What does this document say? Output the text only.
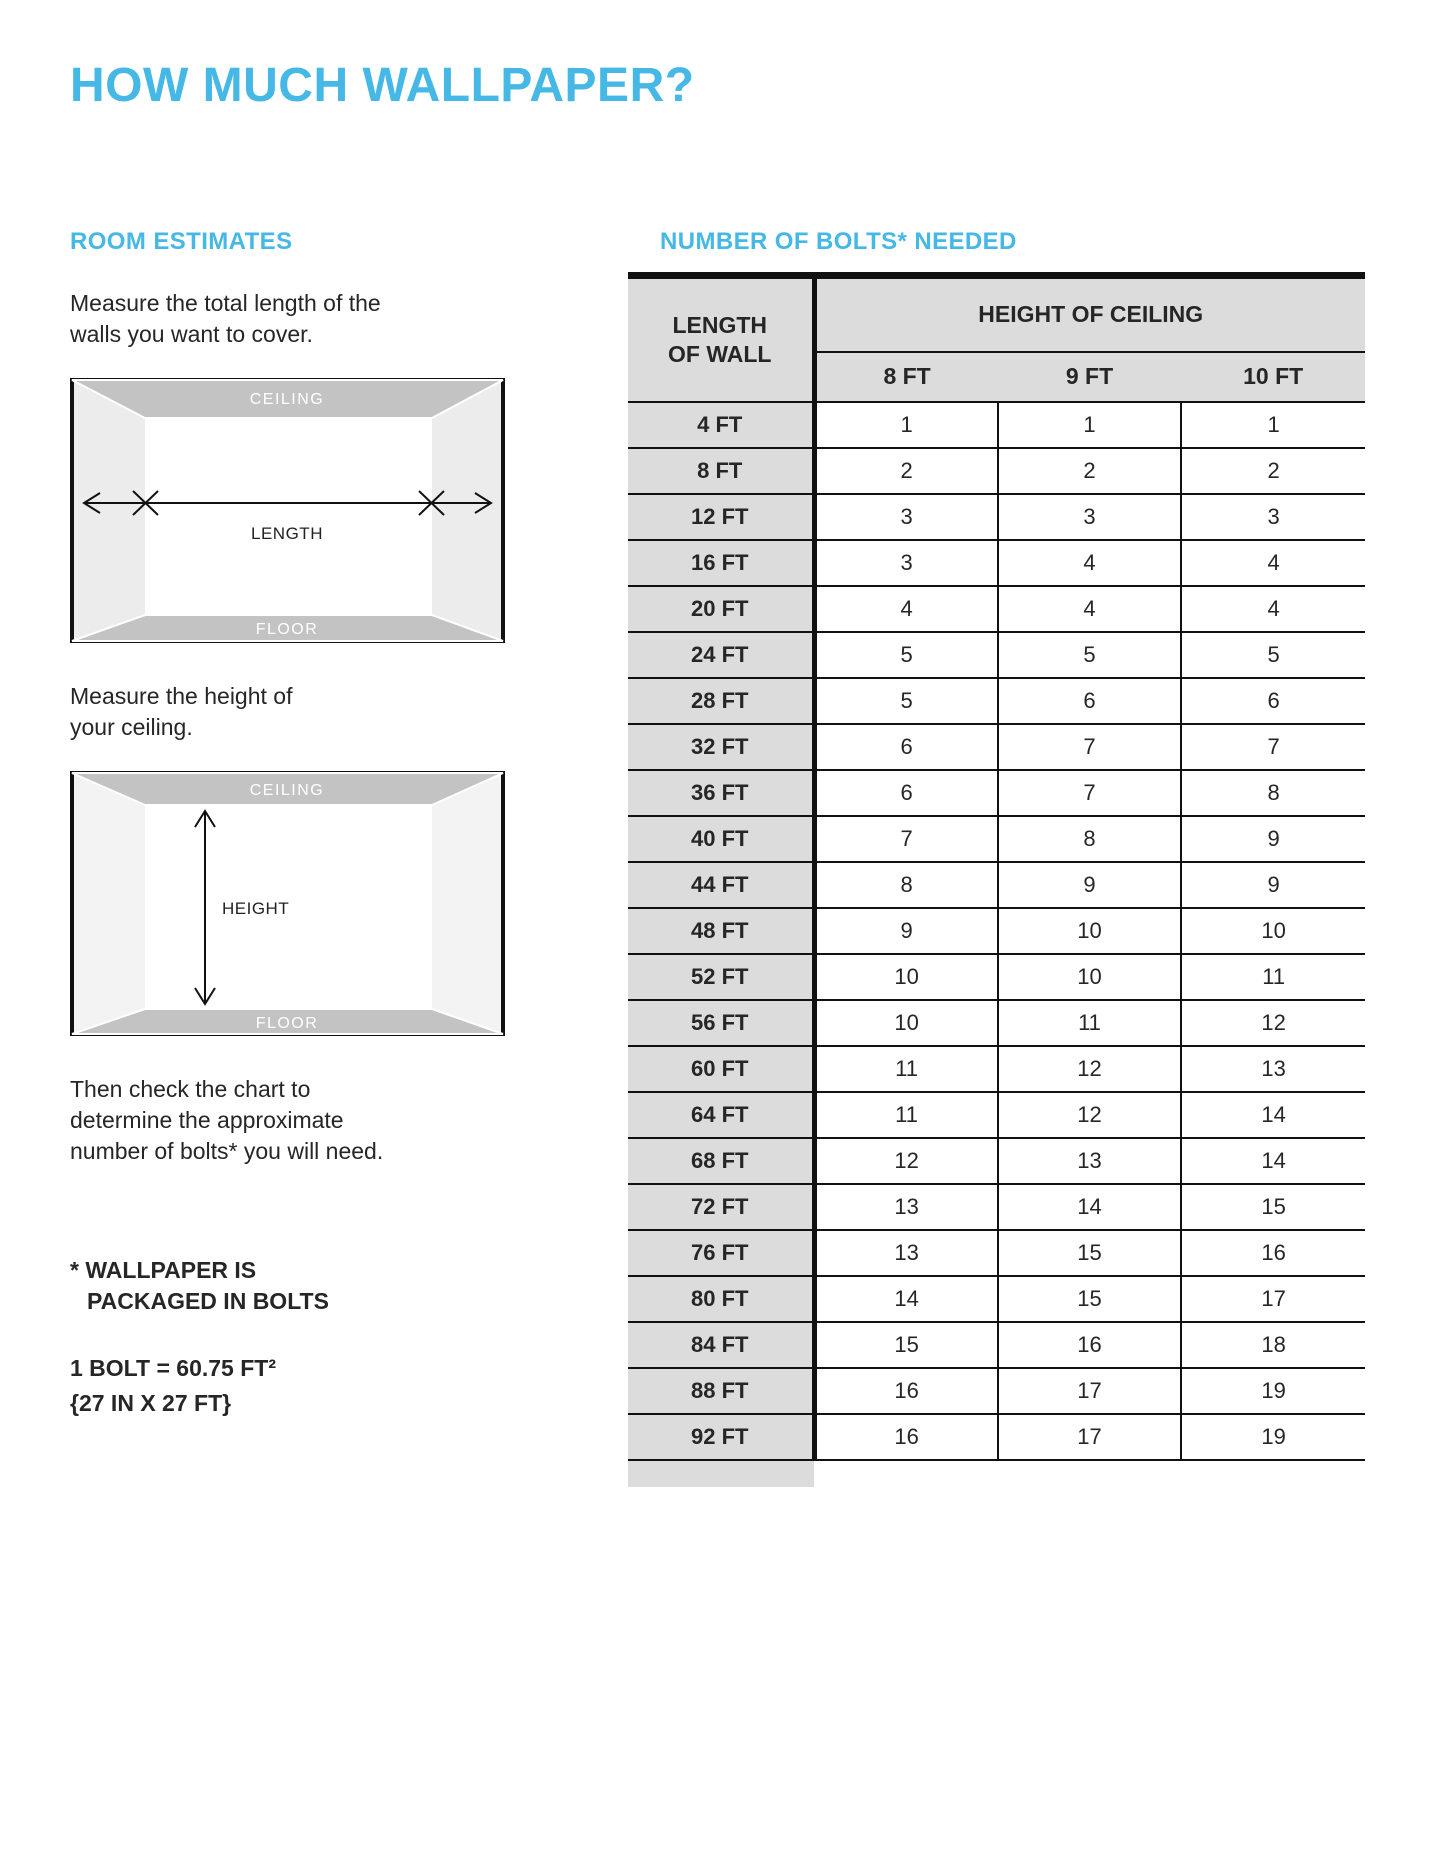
HOW MUCH WALLPAPER?
ROOM ESTIMATES

Measure the total length of the walls you want to cover.

CEILING
FLOOR
LENGTH

Measure the height of your ceiling.

CEILING
FLOOR
HEIGHT

Then check the chart to determine the approximate number of bolts* you will need.

* WALLPAPER IS
PACKAGED IN BOLTS

1 BOLT = 60.75 FT²
{27 IN X 27 FT}

NUMBER OF BOLTS* NEEDED
LENGTH OF WALL	HEIGHT OF CEILING		
	8 FT	9 FT	10 FT
4 FT	1	1	1
8 FT	2	2	2
12 FT	3	3	3
16 FT	3	4	4
20 FT	4	4	4
24 FT	5	5	5
28 FT	5	6	6
32 FT	6	7	7
36 FT	6	7	8
40 FT	7	8	9
44 FT	8	9	9
48 FT	9	10	10
52 FT	10	10	11
56 FT	10	11	12
60 FT	11	12	13
64 FT	11	12	14
68 FT	12	13	14
72 FT	13	14	15
76 FT	13	15	16
80 FT	14	15	17
84 FT	15	16	18
88 FT	16	17	19
92 FT	16	17	19
